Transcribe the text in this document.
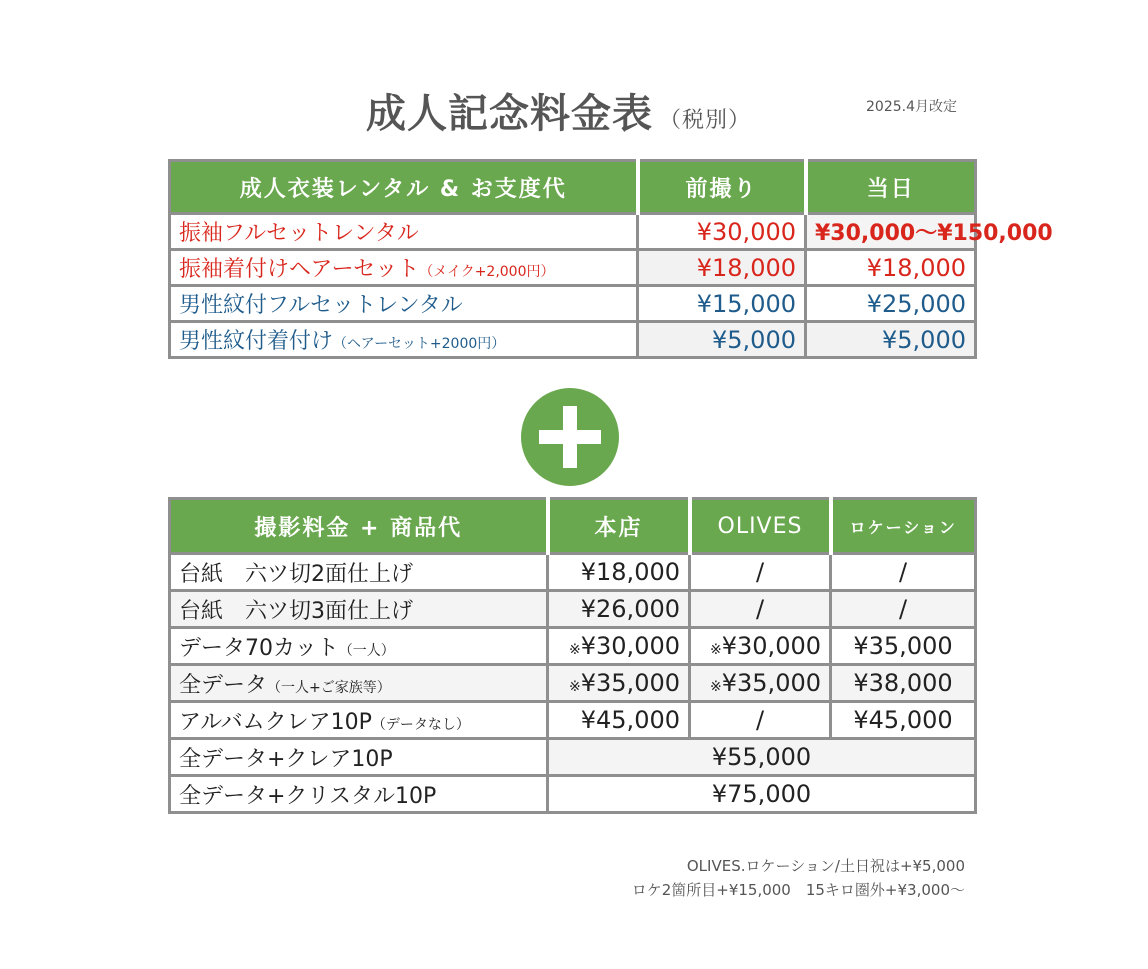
成人記念料金表 （税別）
2025.4月改定
成人衣装レンタル & お支度代	前撮り	当日
振袖フルセットレンタル	¥30,000	¥30,000～¥150,000
振袖着付けヘアーセット（メイク+2,000円）	¥18,000	¥18,000
男性紋付フルセットレンタル	¥15,000	¥25,000
男性紋付着付け（ヘアーセット+2000円）	¥5,000	¥5,000
撮影料金 + 商品代	本店	OLIVES	ロケーション
台紙　六ツ切2面仕上げ	¥18,000	/	/
台紙　六ツ切3面仕上げ	¥26,000	/	/
データ70カット（一人）	※¥30,000	※¥30,000	¥35,000
全データ（一人+ご家族等）	※¥35,000	※¥35,000	¥38,000
アルバムクレア10P（データなし）	¥45,000	/	¥45,000
全データ+クレア10P	¥55,000		
全データ+クリスタル10P	¥75,000		
OLIVES.ロケーション/土日祝は+¥5,000
ロケ2箇所目+¥15,000　15キロ圏外+¥3,000～
